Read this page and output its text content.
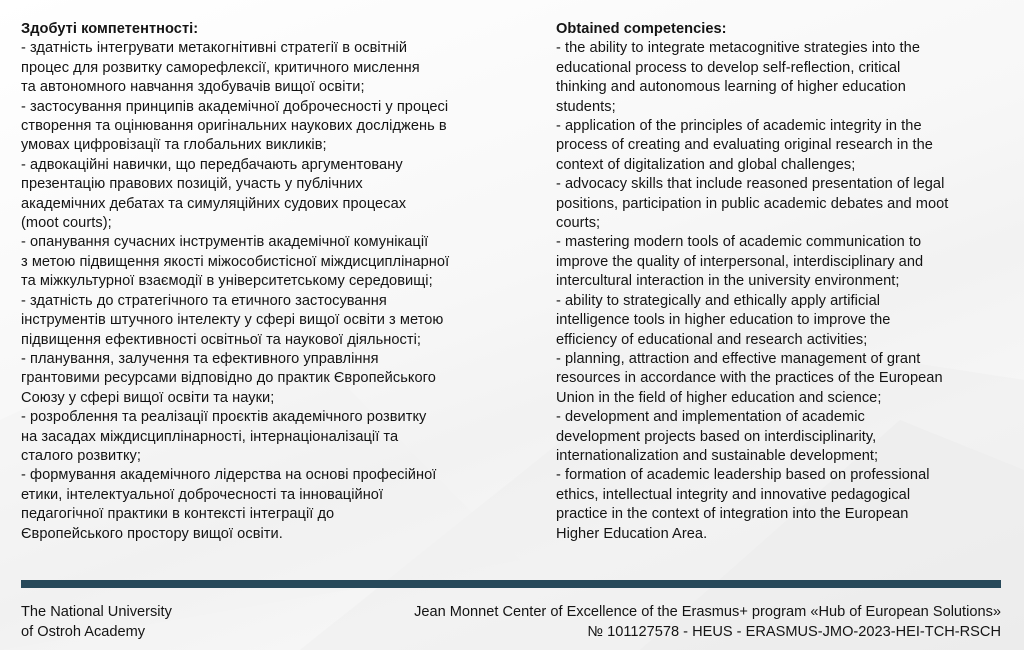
Здобуті компетентності:
- здатність інтегрувати метакогнітивні стратегії в освітній
процес для розвитку саморефлексії, критичного мислення
та автономного навчання здобувачів вищої освіти;
- застосування принципів академічної доброчесності у процесі
створення та оцінювання оригінальних наукових досліджень в
умовах цифровізації та глобальних викликів;
- адвокаційні навички, що передбачають аргументовану
презентацію правових позицій, участь у публічних
академічних дебатах та симуляційних судових процесах
(moot courts);
- опанування сучасних інструментів академічної комунікації
з метою підвищення якості міжособистісної міждисциплінарної
та міжкультурної взаємодії в університетському середовищі;
- здатність до стратегічного та етичного застосування
інструментів штучного інтелекту у сфері вищої освіти з метою
підвищення ефективності освітньої та наукової діяльності;
- планування, залучення та ефективного управління
грантовими ресурсами відповідно до практик Європейського
Союзу у сфері вищої освіти та науки;
- розроблення та реалізації проєктів академічного розвитку
на засадах міждисциплінарності, інтернаціоналізації та
сталого розвитку;
- формування академічного лідерства на основі професійної
етики, інтелектуальної доброчесності та інноваційної
педагогічної практики в контексті інтеграції до
Європейського простору вищої освіти.
Obtained competencies:
- the ability to integrate metacognitive strategies into the
educational process to develop self-reflection, critical
thinking and autonomous learning of higher education
students;
- application of the principles of academic integrity in the
process of creating and evaluating original research in the
context of digitalization and global challenges;
- advocacy skills that include reasoned presentation of legal
positions, participation in public academic debates and moot
courts;
- mastering modern tools of academic communication to
improve the quality of interpersonal, interdisciplinary and
intercultural interaction in the university environment;
- ability to strategically and ethically apply artificial
intelligence tools in higher education to improve the
efficiency of educational and research activities;
- planning, attraction and effective management of grant
resources in accordance with the practices of the European
Union in the field of higher education and science;
- development and implementation of academic
development projects based on interdisciplinarity,
internationalization and sustainable development;
- formation of academic leadership based on professional
ethics, intellectual integrity and innovative pedagogical
practice in the context of integration into the European
Higher Education Area.
The National University
of Ostroh Academy
Jean Monnet Center of Excellence of the Erasmus+ program «Hub of European Solutions»
№ 101127578 - HEUS - ERASMUS-JMO-2023-HEI-TCH-RSCH
